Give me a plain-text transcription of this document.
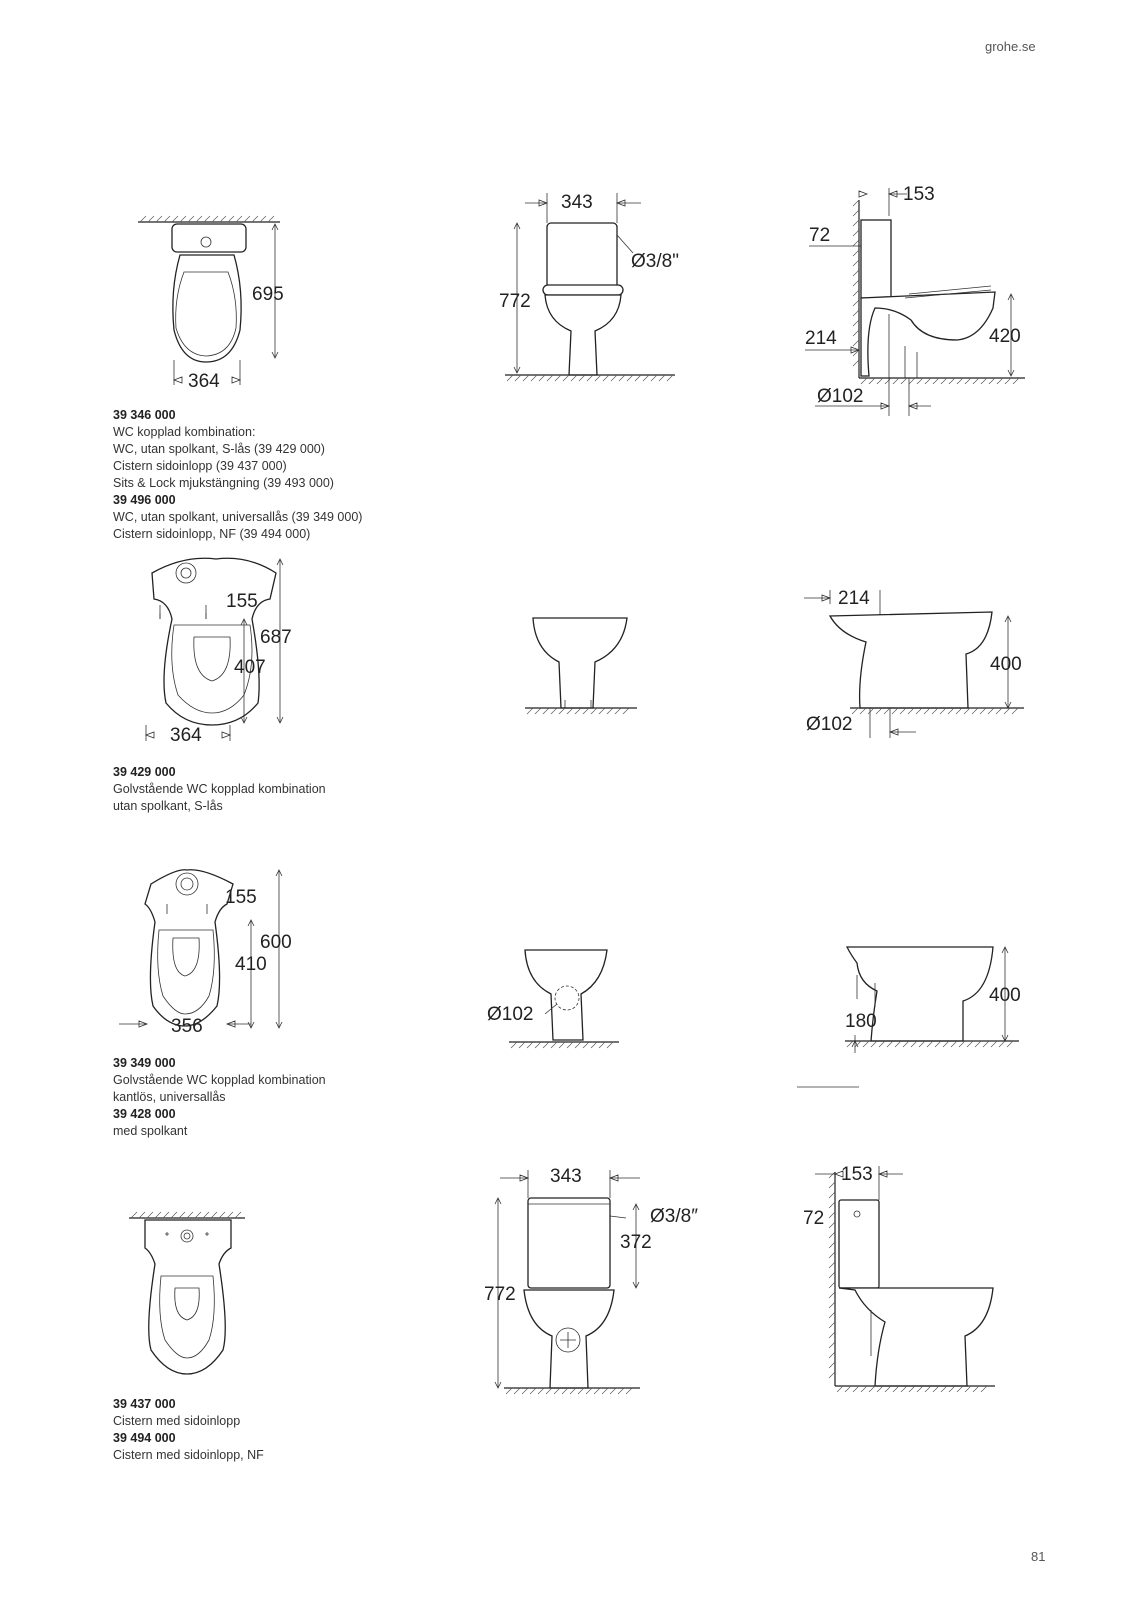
grohe.se
81
695
364
343
772
Ø3/8"
153
72
420
214
Ø102
39 346 000
WC kopplad kombination:
WC, utan spolkant, S-lås (39 429 000)
Cistern sidoinlopp (39 437 000)
Sits & Lock mjukstängning (39 493 000)
39 496 000
WC, utan spolkant, universallås (39 349 000)
Cistern sidoinlopp, NF (39 494 000)
687
407
155
364
214
400
Ø102
39 429 000
Golvstående WC kopplad kombination
utan spolkant, S-lås
600
410
155
356
Ø102
400
180
39 349 000
Golvstående WC kopplad kombination
kantlös, universallås
39 428 000
med spolkant
343
Ø3/8″
372
772
153
72
39 437 000
Cistern med sidoinlopp
39 494 000
Cistern med sidoinlopp, NF
